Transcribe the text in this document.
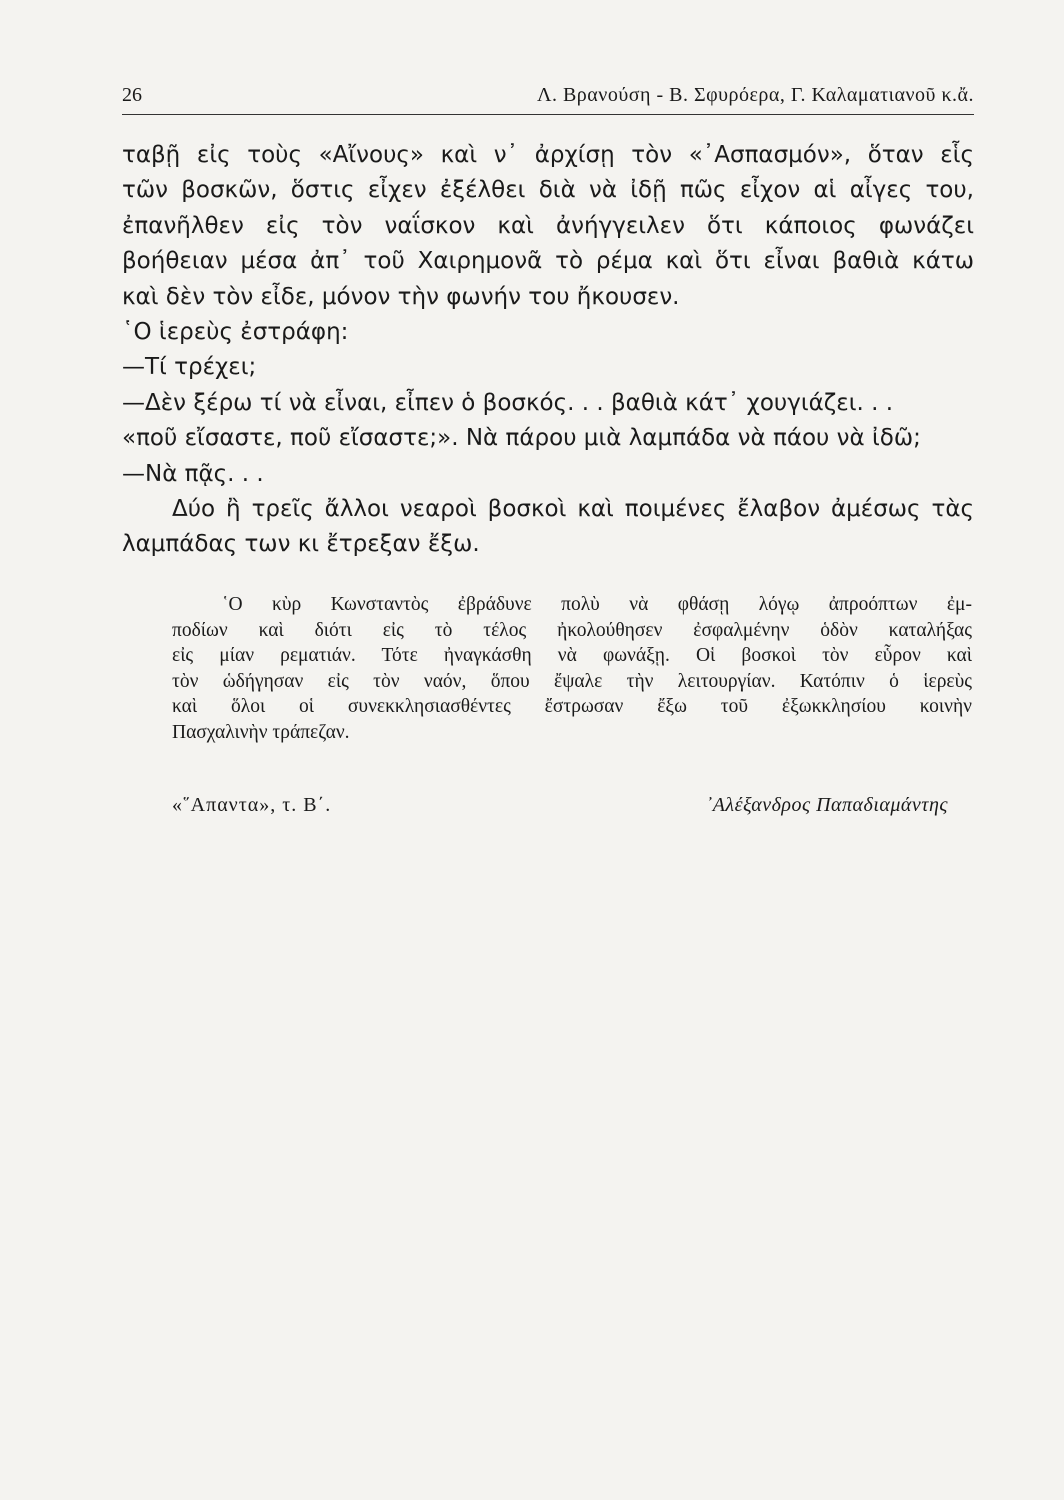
26	Λ. Βρανούση - Β. Σφυρόερα, Γ. Καλαματιανοῦ κ.ἄ.
ταβῇ εἰς τοὺς «Αἴνους» καὶ ν᾽ ἀρχίσῃ τὸν «᾽Ασπασμόν», ὅταν εἷς
τῶν βοσκῶν, ὅστις εἶχεν ἐξέλθει διὰ νὰ ἰδῇ πῶς εἶχον αἱ αἶγες του,
ἐπανῆλθεν εἰς τὸν ναΐσκον καὶ ἀνήγγειλεν ὅτι κάποιος φωνάζει
βοήθειαν μέσα ἀπ᾽ τοῦ Χαιρημονᾶ τὸ ρέμα καὶ ὅτι εἶναι βαθιὰ κάτω
καὶ δὲν τὸν εἶδε, μόνον τὴν φωνήν του ἤκουσεν.
῾Ο ἱερεὺς ἐστράφη:
—Τί τρέχει;
—Δὲν ξέρω τί νὰ εἶναι, εἶπεν ὁ βοσκός. . . βαθιὰ κάτ᾽ χουγιάζει. . .
«ποῦ εἴσαστε, ποῦ εἴσαστε;». Νὰ πάρου μιὰ λαμπάδα νὰ πάου νὰ ἰδῶ;
—Νὰ πᾷς. . .
Δύο ἢ τρεῖς ἄλλοι νεαροὶ βοσκοὶ καὶ ποιμένες ἔλαβον ἀμέσως τὰς
λαμπάδας των κι ἔτρεξαν ἔξω.
῾Ο κὺρ Κωνσταντὸς ἐβράδυνε πολὺ νὰ φθάσῃ λόγῳ ἀπροόπτων ἐμ-
ποδίων καὶ διότι εἰς τὸ τέλος ἠκολούθησεν ἐσφαλμένην ὁδὸν καταλήξας
εἰς μίαν ρεματιάν. Τότε ἠναγκάσθη νὰ φωνάξῃ. Οἱ βοσκοὶ τὸν εὗρον καὶ
τὸν ὡδήγησαν εἰς τὸν ναόν, ὅπου ἔψαλε τὴν λειτουργίαν. Κατόπιν ὁ ἱερεὺς
καὶ ὅλοι οἱ συνεκκλησιασθέντες ἔστρωσαν ἔξω τοῦ ἐξωκκλησίου κοινὴν
Πασχαλινὴν τράπεζαν.
«῞Απαντα», τ. Β΄.	᾽Αλέξανδρος Παπαδιαμάντης
